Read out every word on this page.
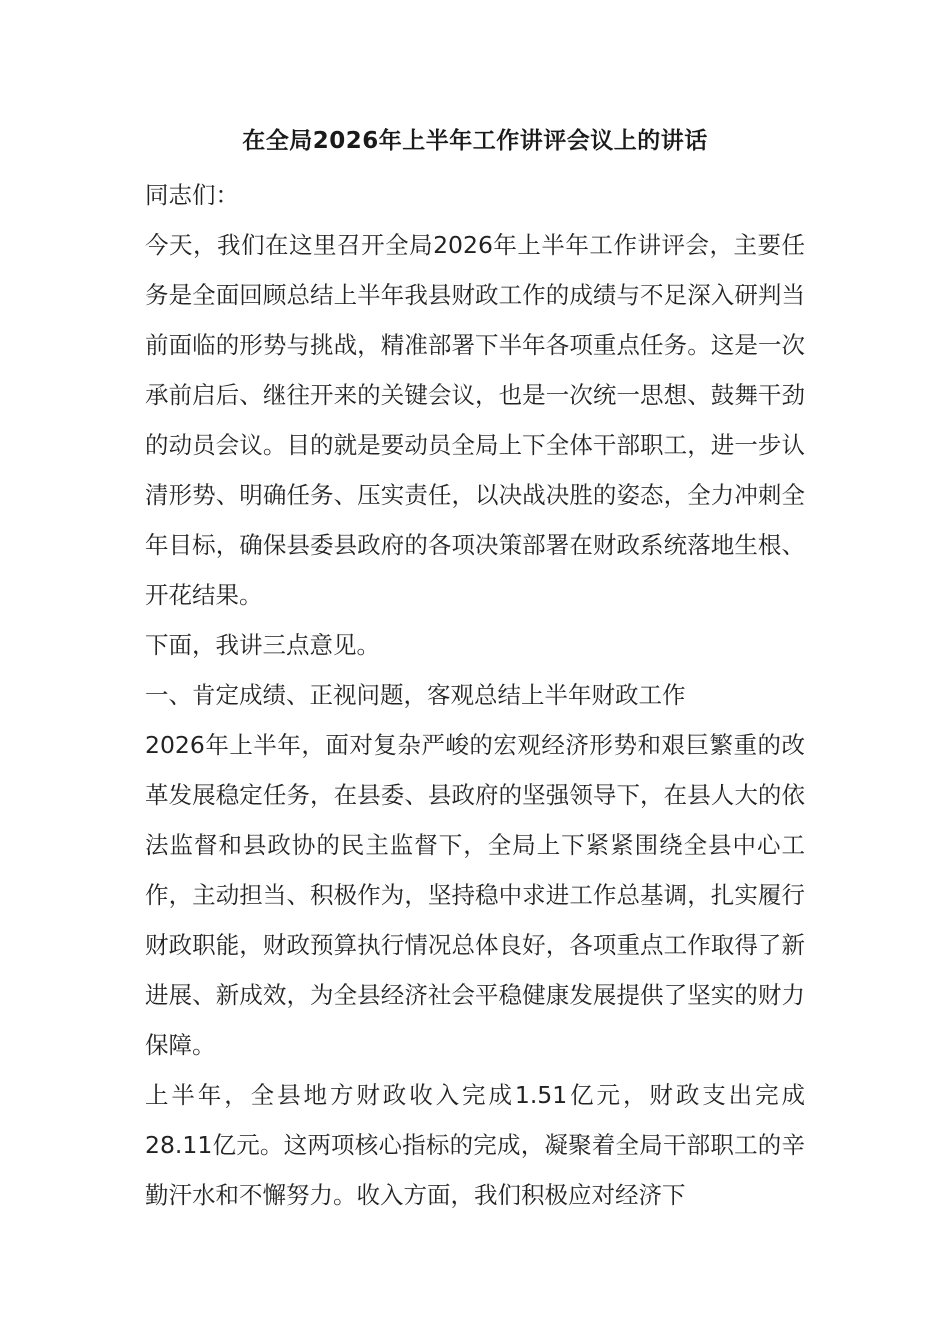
在全局2026年上半年工作讲评会议上的讲话

同志们：

今天，我们在这里召开全局2026年上半年工作讲评会，主要任务是全面回顾总结上半年我县财政工作的成绩与不足深入研判当前面临的形势与挑战，精准部署下半年各项重点任务。这是一次承前启后、继往开来的关键会议，也是一次统一思想、鼓舞干劲的动员会议。目的就是要动员全局上下全体干部职工，进一步认清形势、明确任务、压实责任，以决战决胜的姿态，全力冲刺全年目标，确保县委县政府的各项决策部署在财政系统落地生根、开花结果。

下面，我讲三点意见。

一、肯定成绩、正视问题，客观总结上半年财政工作

2026年上半年，面对复杂严峻的宏观经济形势和艰巨繁重的改革发展稳定任务，在县委、县政府的坚强领导下，在县人大的依法监督和县政协的民主监督下，全局上下紧紧围绕全县中心工作，主动担当、积极作为，坚持稳中求进工作总基调，扎实履行财政职能，财政预算执行情况总体良好，各项重点工作取得了新进展、新成效，为全县经济社会平稳健康发展提供了坚实的财力保障。

上半年，全县地方财政收入完成1.51亿元，财政支出完成28.11亿元。这两项核心指标的完成，凝聚着全局干部职工的辛勤汗水和不懈努力。收入方面，我们积极应对经济下
